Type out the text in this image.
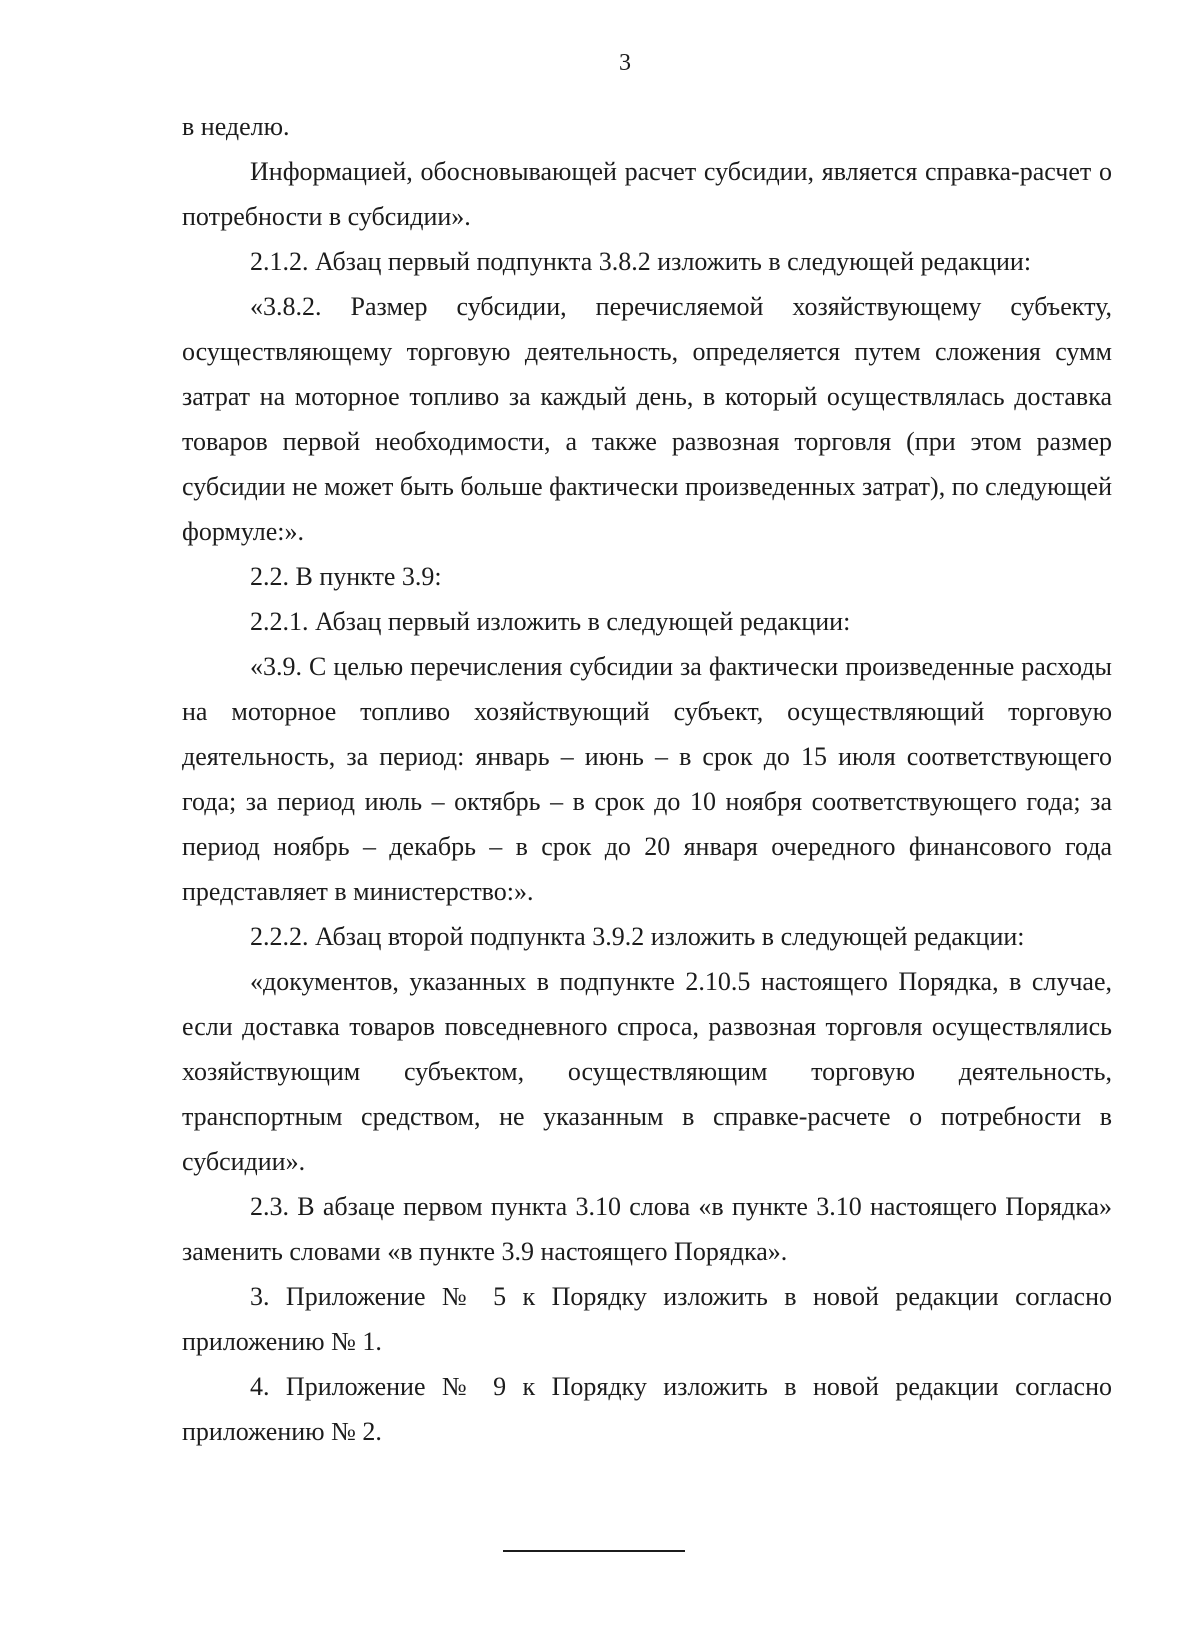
3

в неделю.

Информацией, обосновывающей расчет субсидии, является справка-расчет о потребности в субсидии».

2.1.2. Абзац первый подпункта 3.8.2 изложить в следующей редакции:

«3.8.2. Размер субсидии, перечисляемой хозяйствующему субъекту, осуществляющему торговую деятельность, определяется путем сложения сумм затрат на моторное топливо за каждый день, в который осуществлялась доставка товаров первой необходимости, а также развозная торговля (при этом размер субсидии не может быть больше фактически произведенных затрат), по следующей формуле:».

2.2. В пункте 3.9:

2.2.1. Абзац первый изложить в следующей редакции:

«3.9. С целью перечисления субсидии за фактически произведенные расходы на моторное топливо хозяйствующий субъект, осуществляющий торговую деятельность, за период: январь – июнь – в срок до 15 июля соответствующего года; за период июль – октябрь – в срок до 10 ноября соответствующего года; за период ноябрь – декабрь – в срок до 20 января очередного финансового года представляет в министерство:».

2.2.2. Абзац второй подпункта 3.9.2 изложить в следующей редакции:

«документов, указанных в подпункте 2.10.5 настоящего Порядка, в случае, если доставка товаров повседневного спроса, развозная торговля осуществлялись хозяйствующим субъектом, осуществляющим торговую деятельность, транспортным средством, не указанным в справке-расчете о потребности в субсидии».

2.3. В абзаце первом пункта 3.10 слова «в пункте 3.10 настоящего Порядка» заменить словами «в пункте 3.9 настоящего Порядка».

3. Приложение № 5 к Порядку изложить в новой редакции согласно приложению № 1.

4. Приложение № 9 к Порядку изложить в новой редакции согласно приложению № 2.
